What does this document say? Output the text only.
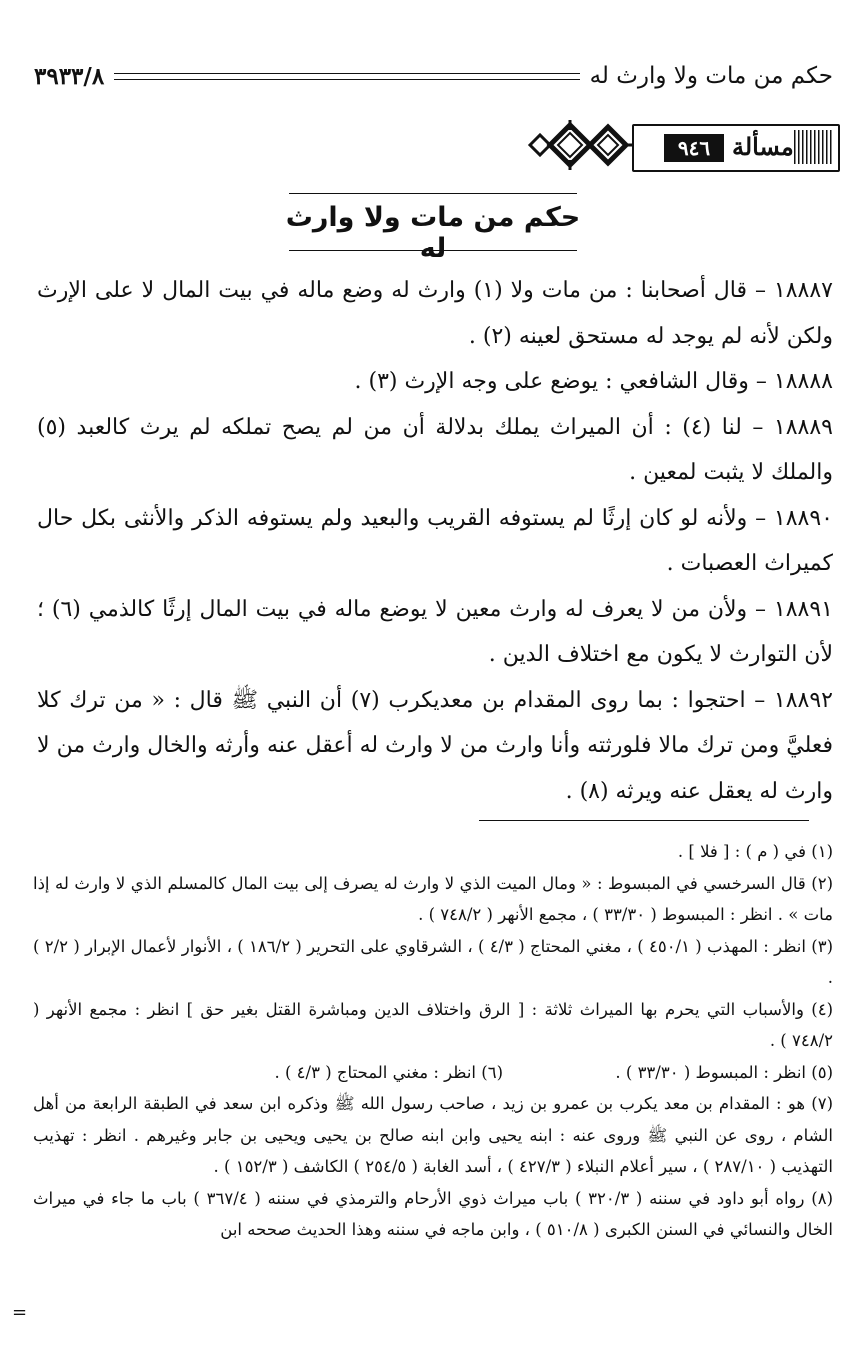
حكم من مات ولا وارث له
٣٩٣٣/٨
٩٤٦ مسألة
حكم من مات ولا وارث له

١٨٨٨٧ – قال أصحابنا : من مات ولا (١) وارث له وضع ماله في بيت المال لا على الإرث ولكن لأنه لم يوجد له مستحق لعينه (٢) .

١٨٨٨٨ – وقال الشافعي : يوضع على وجه الإرث (٣) .

١٨٨٨٩ – لنا (٤) : أن الميراث يملك بدلالة أن من لم يصح تملكه لم يرث كالعبد (٥) والملك لا يثبت لمعين .

١٨٨٩٠ – ولأنه لو كان إرثًا لم يستوفه القريب والبعيد ولم يستوفه الذكر والأنثى بكل حال كميراث العصبات .

١٨٨٩١ – ولأن من لا يعرف له وارث معين لا يوضع ماله في بيت المال إرثًا كالذمي (٦) ؛ لأن التوارث لا يكون مع اختلاف الدين .

١٨٨٩٢ – احتجوا : بما روى المقدام بن معديكرب (٧) أن النبي ﷺ قال : « من ترك كلا فعليَّ ومن ترك مالا فلورثته وأنا وارث من لا وارث له أعقل عنه وأرثه والخال وارث من لا وارث له يعقل عنه ويرثه (٨) .

(١) في ( م ) : [ فلا ] .

(٢) قال السرخسي في المبسوط : « ومال الميت الذي لا وارث له يصرف إلى بيت المال كالمسلم الذي لا وارث له إذا مات » . انظر : المبسوط ( ٣٣/٣٠ ) ، مجمع الأنهر ( ٧٤٨/٢ ) .

(٣) انظر : المهذب ( ٤٥٠/١ ) ، مغني المحتاج ( ٤/٣ ) ، الشرقاوي على التحرير ( ١٨٦/٢ ) ، الأنوار لأعمال الإبرار ( ٢/٢ ) .

(٤) والأسباب التي يحرم بها الميراث ثلاثة : [ الرق واختلاف الدين ومباشرة القتل بغير حق ] انظر : مجمع الأنهر ( ٧٤٨/٢ ) .

(٥) انظر : المبسوط ( ٣٣/٣٠ ) .
(٦) انظر : مغني المحتاج ( ٤/٣ ) .

(٧) هو : المقدام بن معد يكرب بن عمرو بن زيد ، صاحب رسول الله ﷺ وذكره ابن سعد في الطبقة الرابعة من أهل الشام ، روى عن النبي ﷺ وروى عنه : ابنه يحيى وابن ابنه صالح بن يحيى ويحيى بن جابر وغيرهم . انظر : تهذيب التهذيب ( ٢٨٧/١٠ ) ، سير أعلام النبلاء ( ٤٢٧/٣ ) ، أسد الغابة ( ٢٥٤/٥ ) الكاشف ( ١٥٢/٣ ) .

(٨) رواه أبو داود في سننه ( ٣٢٠/٣ ) باب ميراث ذوي الأرحام والترمذي في سننه ( ٣٦٧/٤ ) باب ما جاء في ميراث الخال والنسائي في السنن الكبرى ( ٥١٠/٨ ) ، وابن ماجه في سننه وهذا الحديث صححه ابن

=
